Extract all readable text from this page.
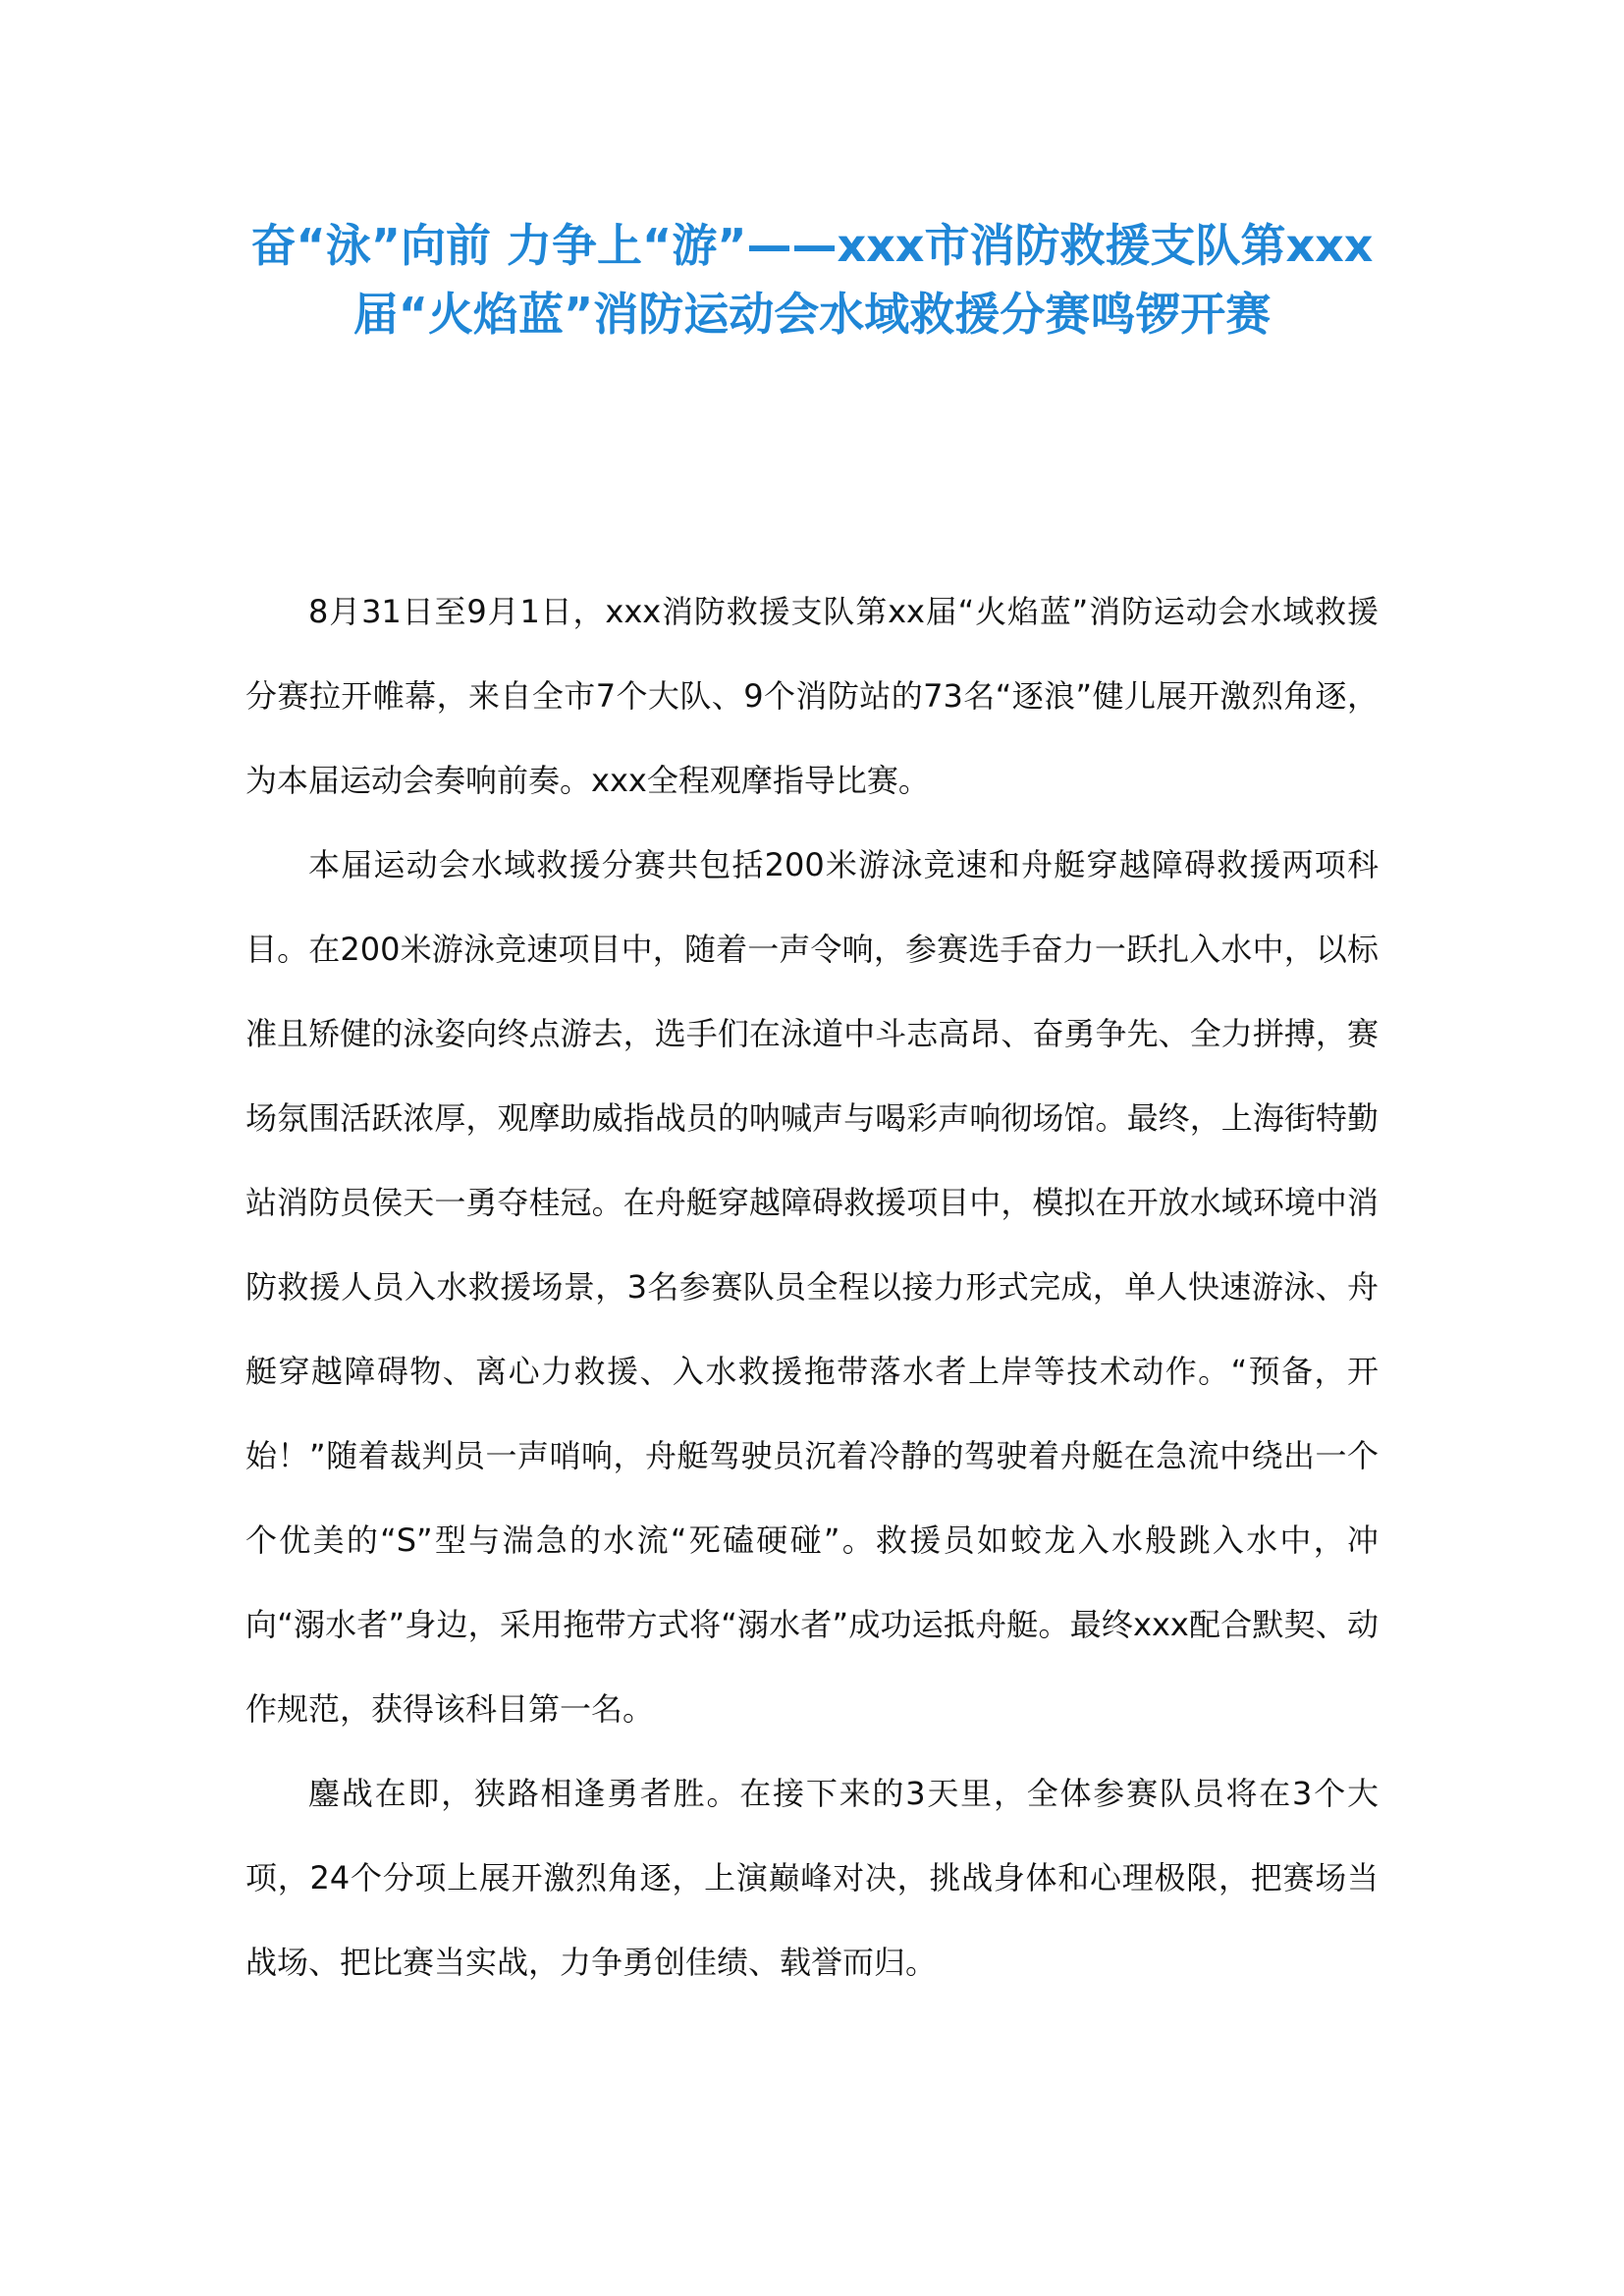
奋“泳”向前 力争上“游”——xxx市消防救援支队第xxx届“火焰蓝”消防运动会水域救援分赛鸣锣开赛

8月31日至9月1日，xxx消防救援支队第xx届“火焰蓝”消防运动会水域救援分赛拉开帷幕，来自全市7个大队、9个消防站的73名“逐浪”健儿展开激烈角逐，为本届运动会奏响前奏。xxx全程观摩指导比赛。

本届运动会水域救援分赛共包括200米游泳竞速和舟艇穿越障碍救援两项科目。在200米游泳竞速项目中，随着一声令响，参赛选手奋力一跃扎入水中，以标准且矫健的泳姿向终点游去，选手们在泳道中斗志高昂、奋勇争先、全力拼搏，赛场氛围活跃浓厚，观摩助威指战员的呐喊声与喝彩声响彻场馆。最终，上海街特勤站消防员侯天一勇夺桂冠。在舟艇穿越障碍救援项目中，模拟在开放水域环境中消防救援人员入水救援场景，3名参赛队员全程以接力形式完成，单人快速游泳、舟艇穿越障碍物、离心力救援、入水救援拖带落水者上岸等技术动作。“预备，开始！”随着裁判员一声哨响，舟艇驾驶员沉着冷静的驾驶着舟艇在急流中绕出一个个优美的“S”型与湍急的水流“死磕硬碰”。救援员如蛟龙入水般跳入水中，冲向“溺水者”身边，采用拖带方式将“溺水者”成功运抵舟艇。最终xxx配合默契、动作规范，获得该科目第一名。

鏖战在即，狭路相逢勇者胜。在接下来的3天里，全体参赛队员将在3个大项，24个分项上展开激烈角逐，上演巅峰对决，挑战身体和心理极限，把赛场当战场、把比赛当实战，力争勇创佳绩、载誉而归。
